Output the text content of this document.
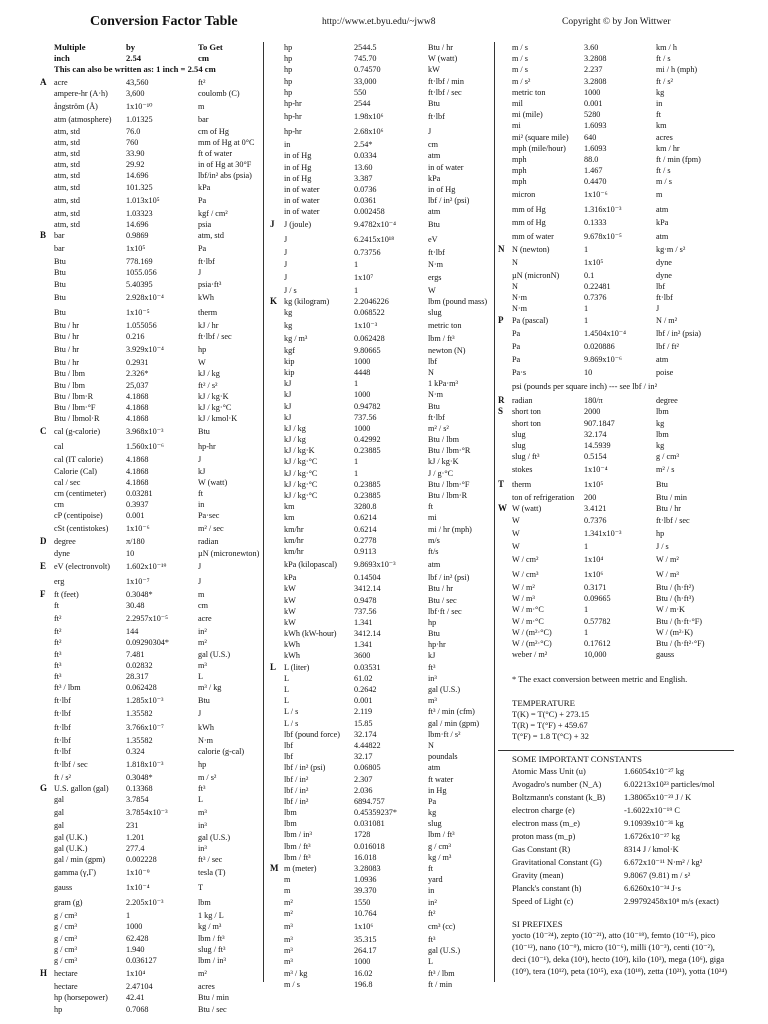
Conversion Factor Table	http://www.et.byu.edu/~jww8	Copyright © by Jon Wittwer
Multiple	by	To Get
inch	2.54	cm
This can also be written as: 1 inch = 2.54 cm
A acre	43,560	ft²
ampere-hr (A·h) 3,600	coulomb (C)
ångström (Å)	1x10⁻¹⁰	m
atm (atmosphere) 1.01325	bar
atm, std	76.0	cm of Hg
atm, std	760	mm of Hg at 0°C
atm, std	33.90	ft of water
atm, std	29.92	in of Hg at 30°F
atm, std	14.696	lbf/in² abs (psia)
atm, std	101.325	kPa
atm, std	1.013x10⁵	Pa
atm, std	1.03323	kgf / cm²
atm, std	14.696	psia
B bar	0.9869	atm, std
bar	1x10⁵	Pa
Btu	778.169	ft·lbf
Btu	1055.056	J
Btu	5.40395	psia·ft³
Btu	2.928x10⁻⁴	kWh
Btu	1x10⁻⁵	therm
Btu / hr	1.055056	kJ / hr
Btu / hr	0.216	ft·lbf / sec
Btu / hr	3.929x10⁻⁴	hp
Btu / hr	0.2931	W
Btu / lbm	2.326*	kJ / kg
Btu / lbm	25,037	ft² / s²
Btu / lbm·R	4.1868	kJ / kg·K
Btu / lbm·°F	4.1868	kJ / kg·°C
Btu / lbmol·R	4.1868	kJ / kmol·K
C cal (g-calorie)	3.968x10⁻³	Btu
cal	1.560x10⁻⁶	hp-hr
cal (IT calorie)	4.1868	J
Calorie (Cal)	4.1868	kJ
cal / sec	4.1868	W (watt)
cm (centimeter) 0.03281	ft
cm	0.3937	in
cP (centipoise)	0.001	Pa·sec
cSt (centistokes) 1x10⁻⁶	m² / sec
D degree	π/180	radian
dyne	10	µN (micronewton)
E eV (electronvolt) 1.602x10⁻¹⁹	J
erg	1x10⁻⁷	J
F ft (feet)	0.3048*	m
ft	30.48	cm
ft²	2.2957x10⁻⁵	acre
ft²	144	in²
ft²	0.09290304*	m²
ft³	7.481	gal (U.S.)
ft³	0.02832	m³
ft³	28.317	L
ft³ / lbm	0.062428	m³ / kg
ft·lbf	1.285x10⁻³	Btu
ft·lbf	1.35582	J
ft·lbf	3.766x10⁻⁷	kWh
ft·lbf	1.35582	N·m
ft·lbf	0.324	calorie (g-cal)
ft·lbf / sec	1.818x10⁻³	hp
ft / s²	0.3048*	m / s²
G U.S. gallon (gal) 0.13368	ft³
gal	3.7854	L
gal	3.7854x10⁻³	m³
gal	231	in³
gal (U.K.)	1.201	gal (U.S.)
gal (U.K.)	277.4	in³
gal / min (gpm)	0.002228	ft³ / sec
gamma (γ,Γ)	1x10⁻⁹	tesla (T)
gauss	1x10⁻⁴	T
gram (g)	2.205x10⁻³	lbm
g / cm³	1	1 kg / L
g / cm³	1000	kg / m³
g / cm³	62.428	lbm / ft³
g / cm³	1.940	slug / ft³
g / cm³	0.036127	lbm / in³
H hectare	1x10⁴	m²
hectare	2.47104	acres
hp (horsepower) 42.41	Btu / min
hp	0.7068	Btu / sec
hp	2544.5	Btu / hr
hp	745.70	W (watt)
hp	0.74570	kW
hp	33,000	ft·lbf / min
hp	550	ft·lbf / sec
hp-hr	2544	Btu
hp-hr	1.98x10⁶	ft·lbf
hp-hr	2.68x10⁶	J
in	2.54*	cm
in of Hg	0.0334	atm
in of Hg	13.60	in of water
in of Hg	3.387	kPa
in of water	0.0736	in of Hg
in of water	0.0361	lbf / in² (psi)
in of water	0.002458	atm
J J (joule)	9.4782x10⁻⁴	Btu
J	6.2415x10¹⁸	eV
J	0.73756	ft·lbf
J	1	N·m
J	1x10⁷	ergs
J / s	1	W
K kg (kilogram)	2.2046226	lbm (pound mass)
kg	0.068522	slug
kg	1x10⁻³	metric ton
kg / m³	0.062428	lbm / ft³
kgf	9.80665	newton (N)
kip	1000	lbf
kip	4448	N
kJ	1	1 kPa·m³
kJ	1000	N·m
kJ	0.94782	Btu
kJ	737.56	ft·lbf
kJ / kg	1000	m² / s²
kJ / kg	0.42992	Btu / lbm
kJ / kg·K	0.23885	Btu / lbm·°R
kJ / kg·°C	1	kJ / kg·K
kJ / kg·°C	1	J / g·°C
kJ / kg·°C	0.23885	Btu / lbm·°F
kJ / kg·°C	0.23885	Btu / lbm·R
km	3280.8	ft
km	0.6214	mi
km/hr	0.6214	mi / hr (mph)
km/hr	0.2778	m/s
km/hr	0.9113	ft/s
kPa (kilopascal) 9.8693x10⁻³	atm
kPa	0.14504	lbf / in² (psi)
kW	3412.14	Btu / hr
kW	0.9478	Btu / sec
kW	737.56	lbf·ft / sec
kW	1.341	hp
kWh (kW-hour) 3412.14	Btu
kWh	1.341	hp·hr
kWh	3600	kJ
L L (liter)	0.03531	ft³
L	61.02	in³
L	0.2642	gal (U.S.)
L	0.001	m³
L / s	2.119	ft³ / min (cfm)
L / s	15.85	gal / min (gpm)
lbf (pound force) 32.174	lbm·ft / s²
lbf	4.44822	N
lbf	32.17	poundals
lbf / in² (psi)	0.06805	atm
lbf / in²	2.307	ft water
lbf / in²	2.036	in Hg
lbf / in²	6894.757	Pa
lbm	0.45359237*	kg
lbm	0.031081	slug
lbm / in³	1728	lbm / ft³
lbm / ft³	0.016018	g / cm³
lbm / ft³	16.018	kg / m³
M m (meter)	3.28083	ft
m	1.0936	yard
m	39.370	in
m²	1550	in²
m²	10.764	ft²
m³	1x10⁶	cm³ (cc)
m³	35.315	ft³
m³	264.17	gal (U.S.)
m³	1000	L
m³ / kg	16.02	ft³ / lbm
m / s	196.8	ft / min
m / s	3.60	km / h
m / s	3.2808	ft / s
m / s	2.237	mi / h (mph)
m / s²	3.2808	ft / s²
metric ton	1000	kg
mil	0.001	in
mi (mile)	5280	ft
mi	1.6093	km
mi² (square mile) 640	acres
mph (mile/hour) 1.6093	km / hr
mph	88.0	ft / min (fpm)
mph	1.467	ft / s
mph	0.4470	m / s
micron	1x10⁻⁶	m
mm of Hg	1.316x10⁻³	atm
mm of Hg	0.1333	kPa
mm of water	9.678x10⁻⁵	atm
N N (newton)	1	kg·m / s²
N	1x10⁵	dyne
µN (micronN)	0.1	dyne
N	0.22481	lbf
N·m	0.7376	ft·lbf
N·m	1	J
P Pa (pascal)	1	N / m²
Pa	1.4504x10⁻⁴	lbf / in² (psia)
Pa	0.020886	lbf / ft²
Pa	9.869x10⁻⁶	atm
Pa·s	10	poise
psi (pounds per square inch) --- see lbf / in²
R radian	180/π	degree
S short ton	2000	lbm
short ton	907.1847	kg
slug	32.174	lbm
slug	14.5939	kg
slug / ft³	0.5154	g / cm³
stokes	1x10⁻⁴	m² / s
T therm	1x10⁵	Btu
ton of refrigeration 200	Btu / min
W W (watt)	3.4121	Btu / hr
W	0.7376	ft·lbf / sec
W	1.341x10⁻³	hp
W	1	J / s
W / cm²	1x10⁴	W / m²
W / cm³	1x10⁶	W / m³
W / m²	0.3171	Btu / (h·ft²)
W / m³	0.09665	Btu / (h·ft³)
W / m·°C	1	W / m·K
W / m·°C	0.57782	Btu / (h·ft·°F)
W / (m²·°C)	1	W / (m²·K)
W / (m²·°C)	0.17612	Btu / (h·ft²·°F)
weber / m²	10,000	gauss
* The exact conversion between metric and English.
TEMPERATURE
T(K) = T(°C) + 273.15
T(R) = T(°F) + 459.67
T(°F) = 1.8 T(°C) + 32
SOME IMPORTANT CONSTANTS
Atomic Mass Unit (u)	1.66054x10⁻²⁷ kg
Avogadro's number (N_A)	6.02213x10²³ particles/mol
Boltzmann's constant (k_B) 1.38065x10⁻²³ J / K
electron charge (e)	-1.6022x10⁻¹⁹ C
electron mass (m_e)	9.10939x10⁻³¹ kg
proton mass (m_p)	1.6726x10⁻²⁷ kg
Gas Constant (R)	8314 J / kmol·K
Gravitational Constant (G)	6.672x10⁻¹¹ N·m² / kg²
Gravity (mean)	9.8067 (9.81) m / s²
Planck's constant (h)	6.6260x10⁻³⁴ J·s
Speed of Light (c)	2.99792458x10⁸ m/s (exact)
SI PREFIXES
yocto (10⁻²⁴), zepto (10⁻²¹), atto (10⁻¹⁸), femto (10⁻¹⁵), pico (10⁻¹²), nano (10⁻⁹), micro (10⁻⁶), milli (10⁻³), centi (10⁻²), deci (10⁻¹), deka (10¹), hecto (10²), kilo (10³), mega (10⁶), giga (10⁹), tera (10¹²), peta (10¹⁵), exa (10¹⁸), zetta (10²¹), yotta (10²⁴)
